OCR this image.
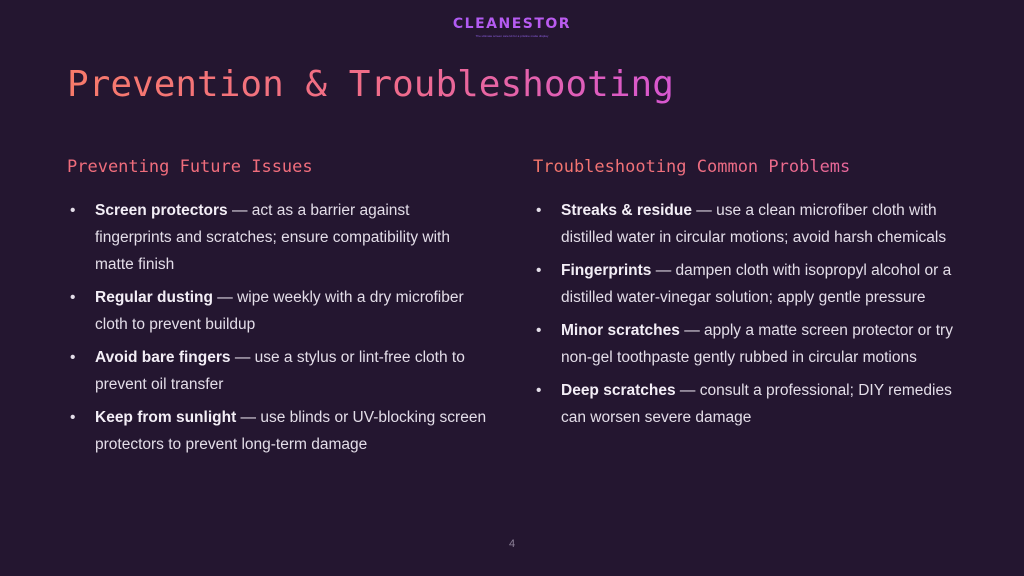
CLEANESTOR
The ultimate screen care kit for a pristine matte display
Prevention & Troubleshooting
Preventing Future Issues
• Screen protectors — act as a barrier against fingerprints and scratches; ensure compatibility with matte finish
• Regular dusting — wipe weekly with a dry microfiber cloth to prevent buildup
• Avoid bare fingers — use a stylus or lint-free cloth to prevent oil transfer
• Keep from sunlight — use blinds or UV-blocking screen protectors to prevent long-term damage
Troubleshooting Common Problems
• Streaks & residue — use a clean microfiber cloth with distilled water in circular motions; avoid harsh chemicals
• Fingerprints — dampen cloth with isopropyl alcohol or a distilled water-vinegar solution; apply gentle pressure
• Minor scratches — apply a matte screen protector or try non-gel toothpaste gently rubbed in circular motions
• Deep scratches — consult a professional; DIY remedies can worsen severe damage
4
